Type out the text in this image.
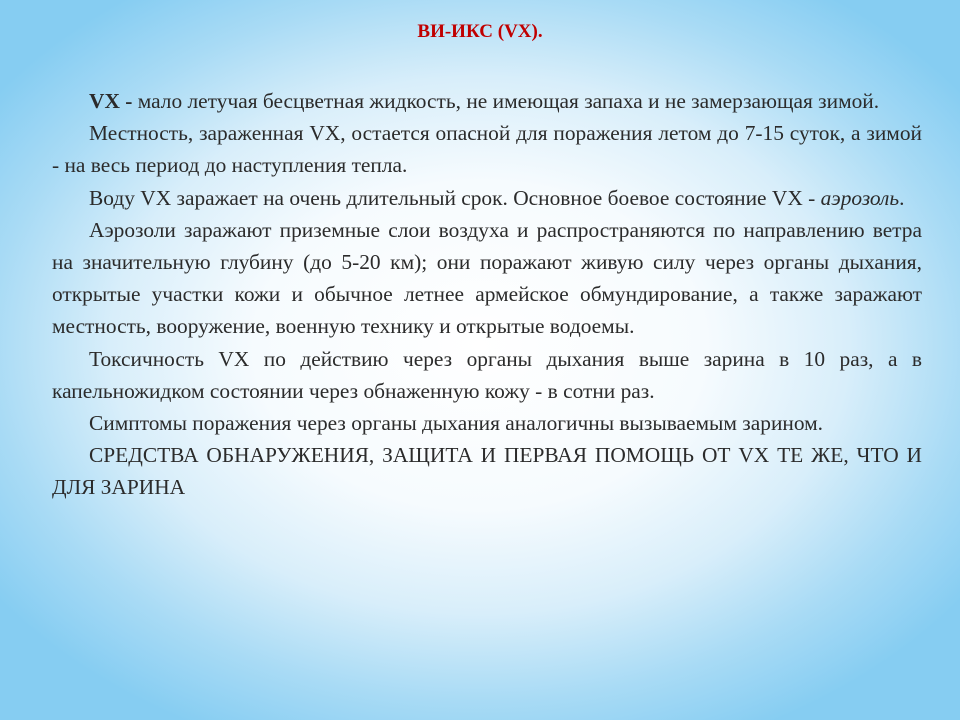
ВИ-ИКС (VX).

VX - мало летучая бесцветная жидкость, не имеющая запаха и не замерзающая зимой.

Местность, зараженная VX, остается опасной для поражения летом до 7-15 суток, а зимой - на весь период до наступления тепла.

Воду VX заражает на очень длительный срок. Основное боевое состояние VX - аэрозоль.

Аэрозоли заражают приземные слои воздуха и распространяются по направлению ветра на значительную глубину (до 5-20 км); они поражают живую силу через органы дыхания, открытые участки кожи и обычное летнее армейское обмундирование, а также заражают местность, вооружение, военную технику и открытые водоемы.

Токсичность VX по действию через органы дыхания выше зарина в 10 раз, а в капельножидком состоянии через обнаженную кожу - в сотни раз.

Симптомы поражения через органы дыхания аналогичны вызываемым зарином.

СРЕДСТВА ОБНАРУЖЕНИЯ, ЗАЩИТА И ПЕРВАЯ ПОМОЩЬ ОТ VX ТЕ ЖЕ, ЧТО И ДЛЯ ЗАРИНА
